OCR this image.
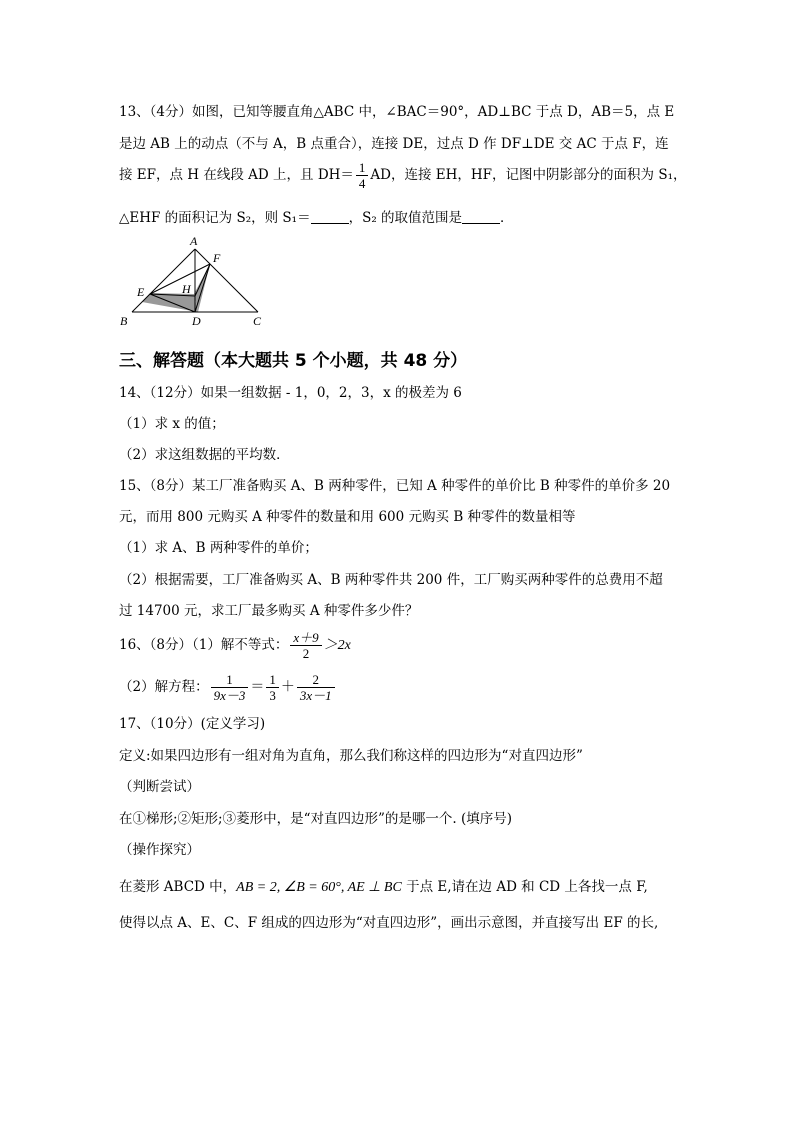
13、（4分）如图，已知等腰直角△ABC 中，∠BAC＝90°，AD⊥BC 于点 D，AB＝5，点 E
是边 AB 上的动点（不与 A，B 点重合），连接 DE，过点 D 作 DF⊥DE 交 AC 于点 F，连
接 EF，点 H 在线段 AD 上，且 $DH= \frac{1}{4}$ AD，连接 EH，HF，记图中阴影部分的面积为 S₁，
△EHF 的面积记为 S₂，则 S₁＝	，S₂ 的取值范围是	．
A
F
H
E
B	D	C
三、解答题（本大题共 5 个小题，共 48 分）
14、（12分）如果一组数据 - 1，0，2，3，x 的极差为 6
（1）求 x 的值；
（2）求这组数据的平均数．
15、（8分）某工厂准备购买 A、B 两种零件，已知 A 种零件的单价比 B 种零件的单价多 20
元，而用 800 元购买 A 种零件的数量和用 600 元购买 B 种零件的数量相等
（1）求 A、B 两种零件的单价；
（2）根据需要，工厂准备购买 A、B 两种零件共 200 件，工厂购买两种零件的总费用不超
过 14700 元，求工厂最多购买 A 种零件多少件？
16、（8分）（1）解不等式： $\frac{x+9}{2} >2x$
（2）解方程： $\frac{1}{9x-3} = \frac{1}{3} + \frac{2}{3x-1}$
17、（10分）(定义学习)
定义:如果四边形有一组对角为直角，那么我们称这样的四边形为“对直四边形”
（判断尝试）
在①梯形;②矩形;③菱形中，是“对直四边形”的是哪一个. (填序号)
（操作探究）
在菱形 ABCD 中，AB = 2, ∠B = 60°, AE ⊥ BC 于点 E,请在边 AD 和 CD 上各找一点 F,
使得以点 A、E、C、F 组成的四边形为“对直四边形”，画出示意图，并直接写出 EF 的长,
